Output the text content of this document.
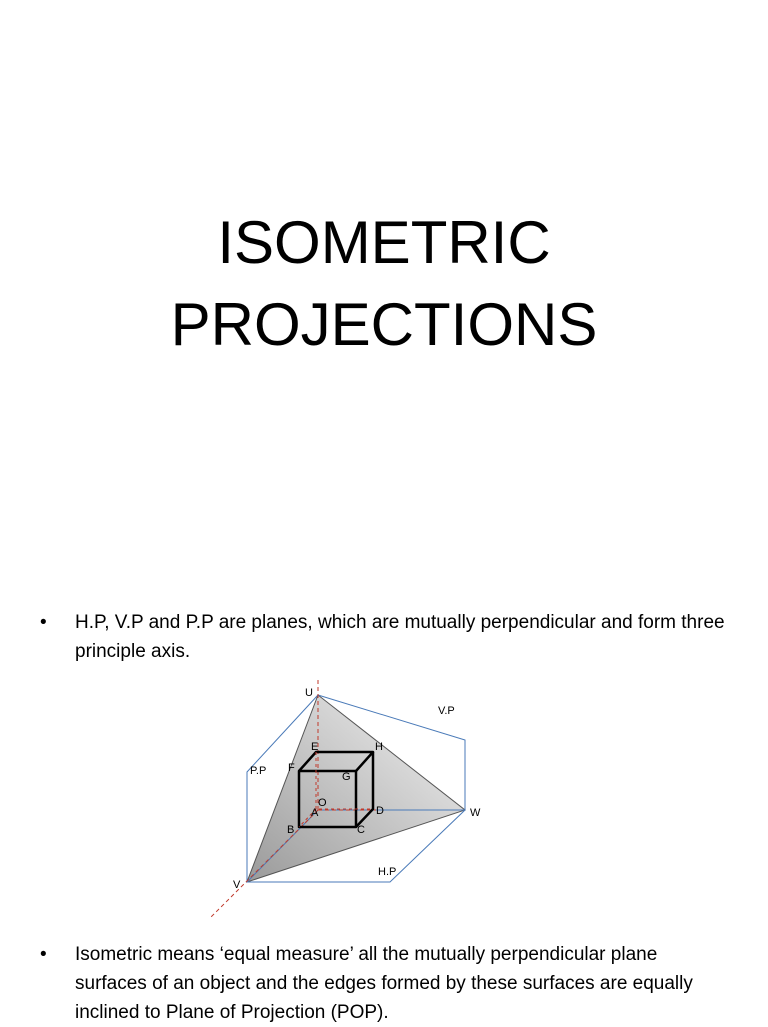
ISOMETRIC
PROJECTIONS
•	H.P, V.P and P.P are planes, which are mutually perpendicular and form three principle axis.
U
V.P
E	H
P.P F
G
O
A	D	W
B	C
H.P
V
•	Isometric means ‘equal measure’ all the mutually perpendicular plane surfaces of an object and the edges formed by these surfaces are equally inclined to Plane of Projection (POP).
